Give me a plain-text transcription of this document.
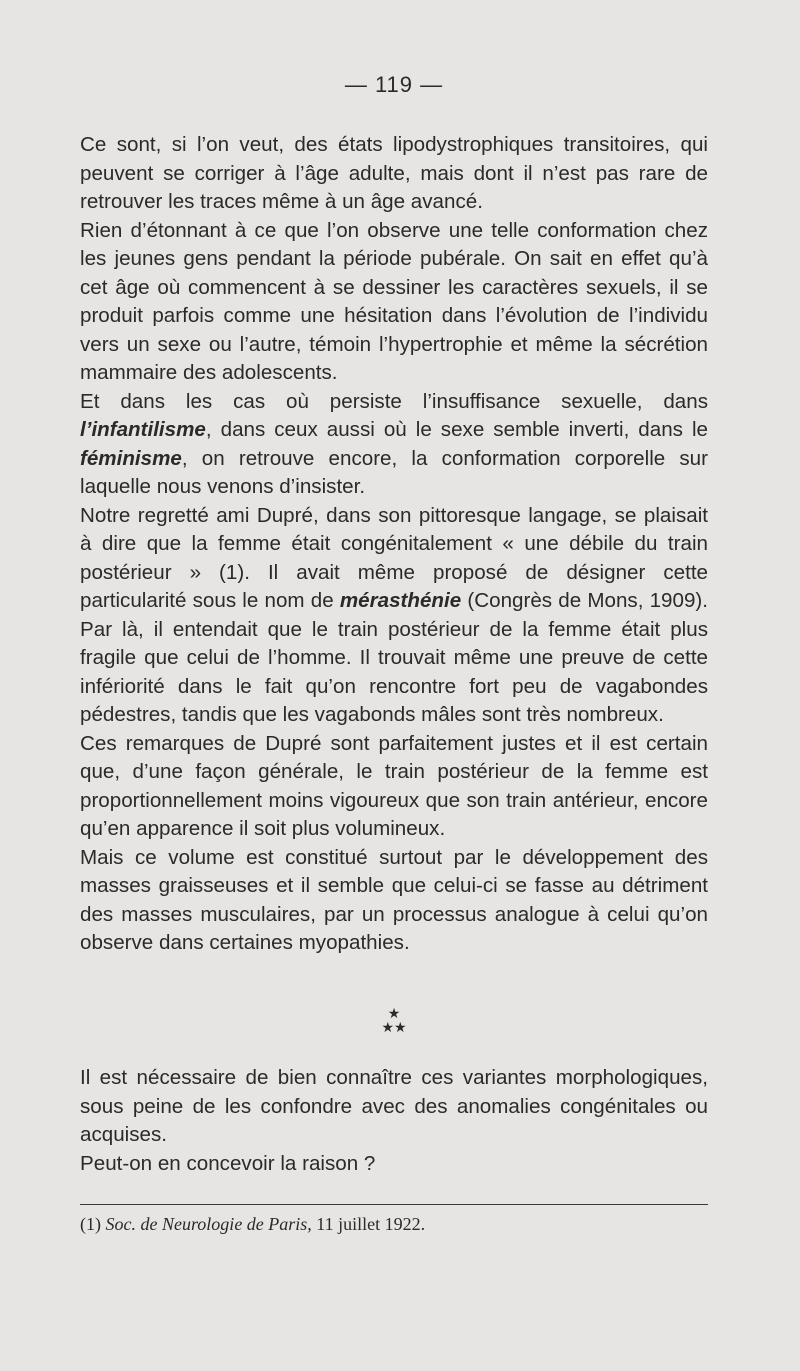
— 119 —

Ce sont, si l’on veut, des états lipodystrophiques transitoires, qui peuvent se corriger à l’âge adulte, mais dont il n’est pas rare de retrouver les traces même à un âge avancé.

Rien d’étonnant à ce que l’on observe une telle conformation chez les jeunes gens pendant la période pubérale. On sait en effet qu’à cet âge où commencent à se dessiner les caractères sexuels, il se produit parfois comme une hésitation dans l’évolution de l’individu vers un sexe ou l’autre, témoin l’hypertrophie et même la sécrétion mammaire des adolescents.

Et dans les cas où persiste l’insuffisance sexuelle, dans l’infantilisme, dans ceux aussi où le sexe semble inverti, dans le féminisme, on retrouve encore, la conformation corporelle sur laquelle nous venons d’insister.

Notre regretté ami Dupré, dans son pittoresque langage, se plaisait à dire que la femme était congénitalement « une débile du train postérieur » (1). Il avait même proposé de désigner cette particularité sous le nom de mérasthénie (Congrès de Mons, 1909). Par là, il entendait que le train postérieur de la femme était plus fragile que celui de l’homme. Il trouvait même une preuve de cette infériorité dans le fait qu’on rencontre fort peu de vagabondes pédestres, tandis que les vagabonds mâles sont très nombreux.

Ces remarques de Dupré sont parfaitement justes et il est certain que, d’une façon générale, le train postérieur de la femme est proportionnellement moins vigoureux que son train antérieur, encore qu’en apparence il soit plus volumineux.

Mais ce volume est constitué surtout par le développement des masses graisseuses et il semble que celui-ci se fasse au détriment des masses musculaires, par un processus analogue à celui qu’on observe dans certaines myopathies.

★
★★

Il est nécessaire de bien connaître ces variantes morphologiques, sous peine de les confondre avec des anomalies congénitales ou acquises.

Peut-on en concevoir la raison ?

(1) Soc. de Neurologie de Paris, 11 juillet 1922.
